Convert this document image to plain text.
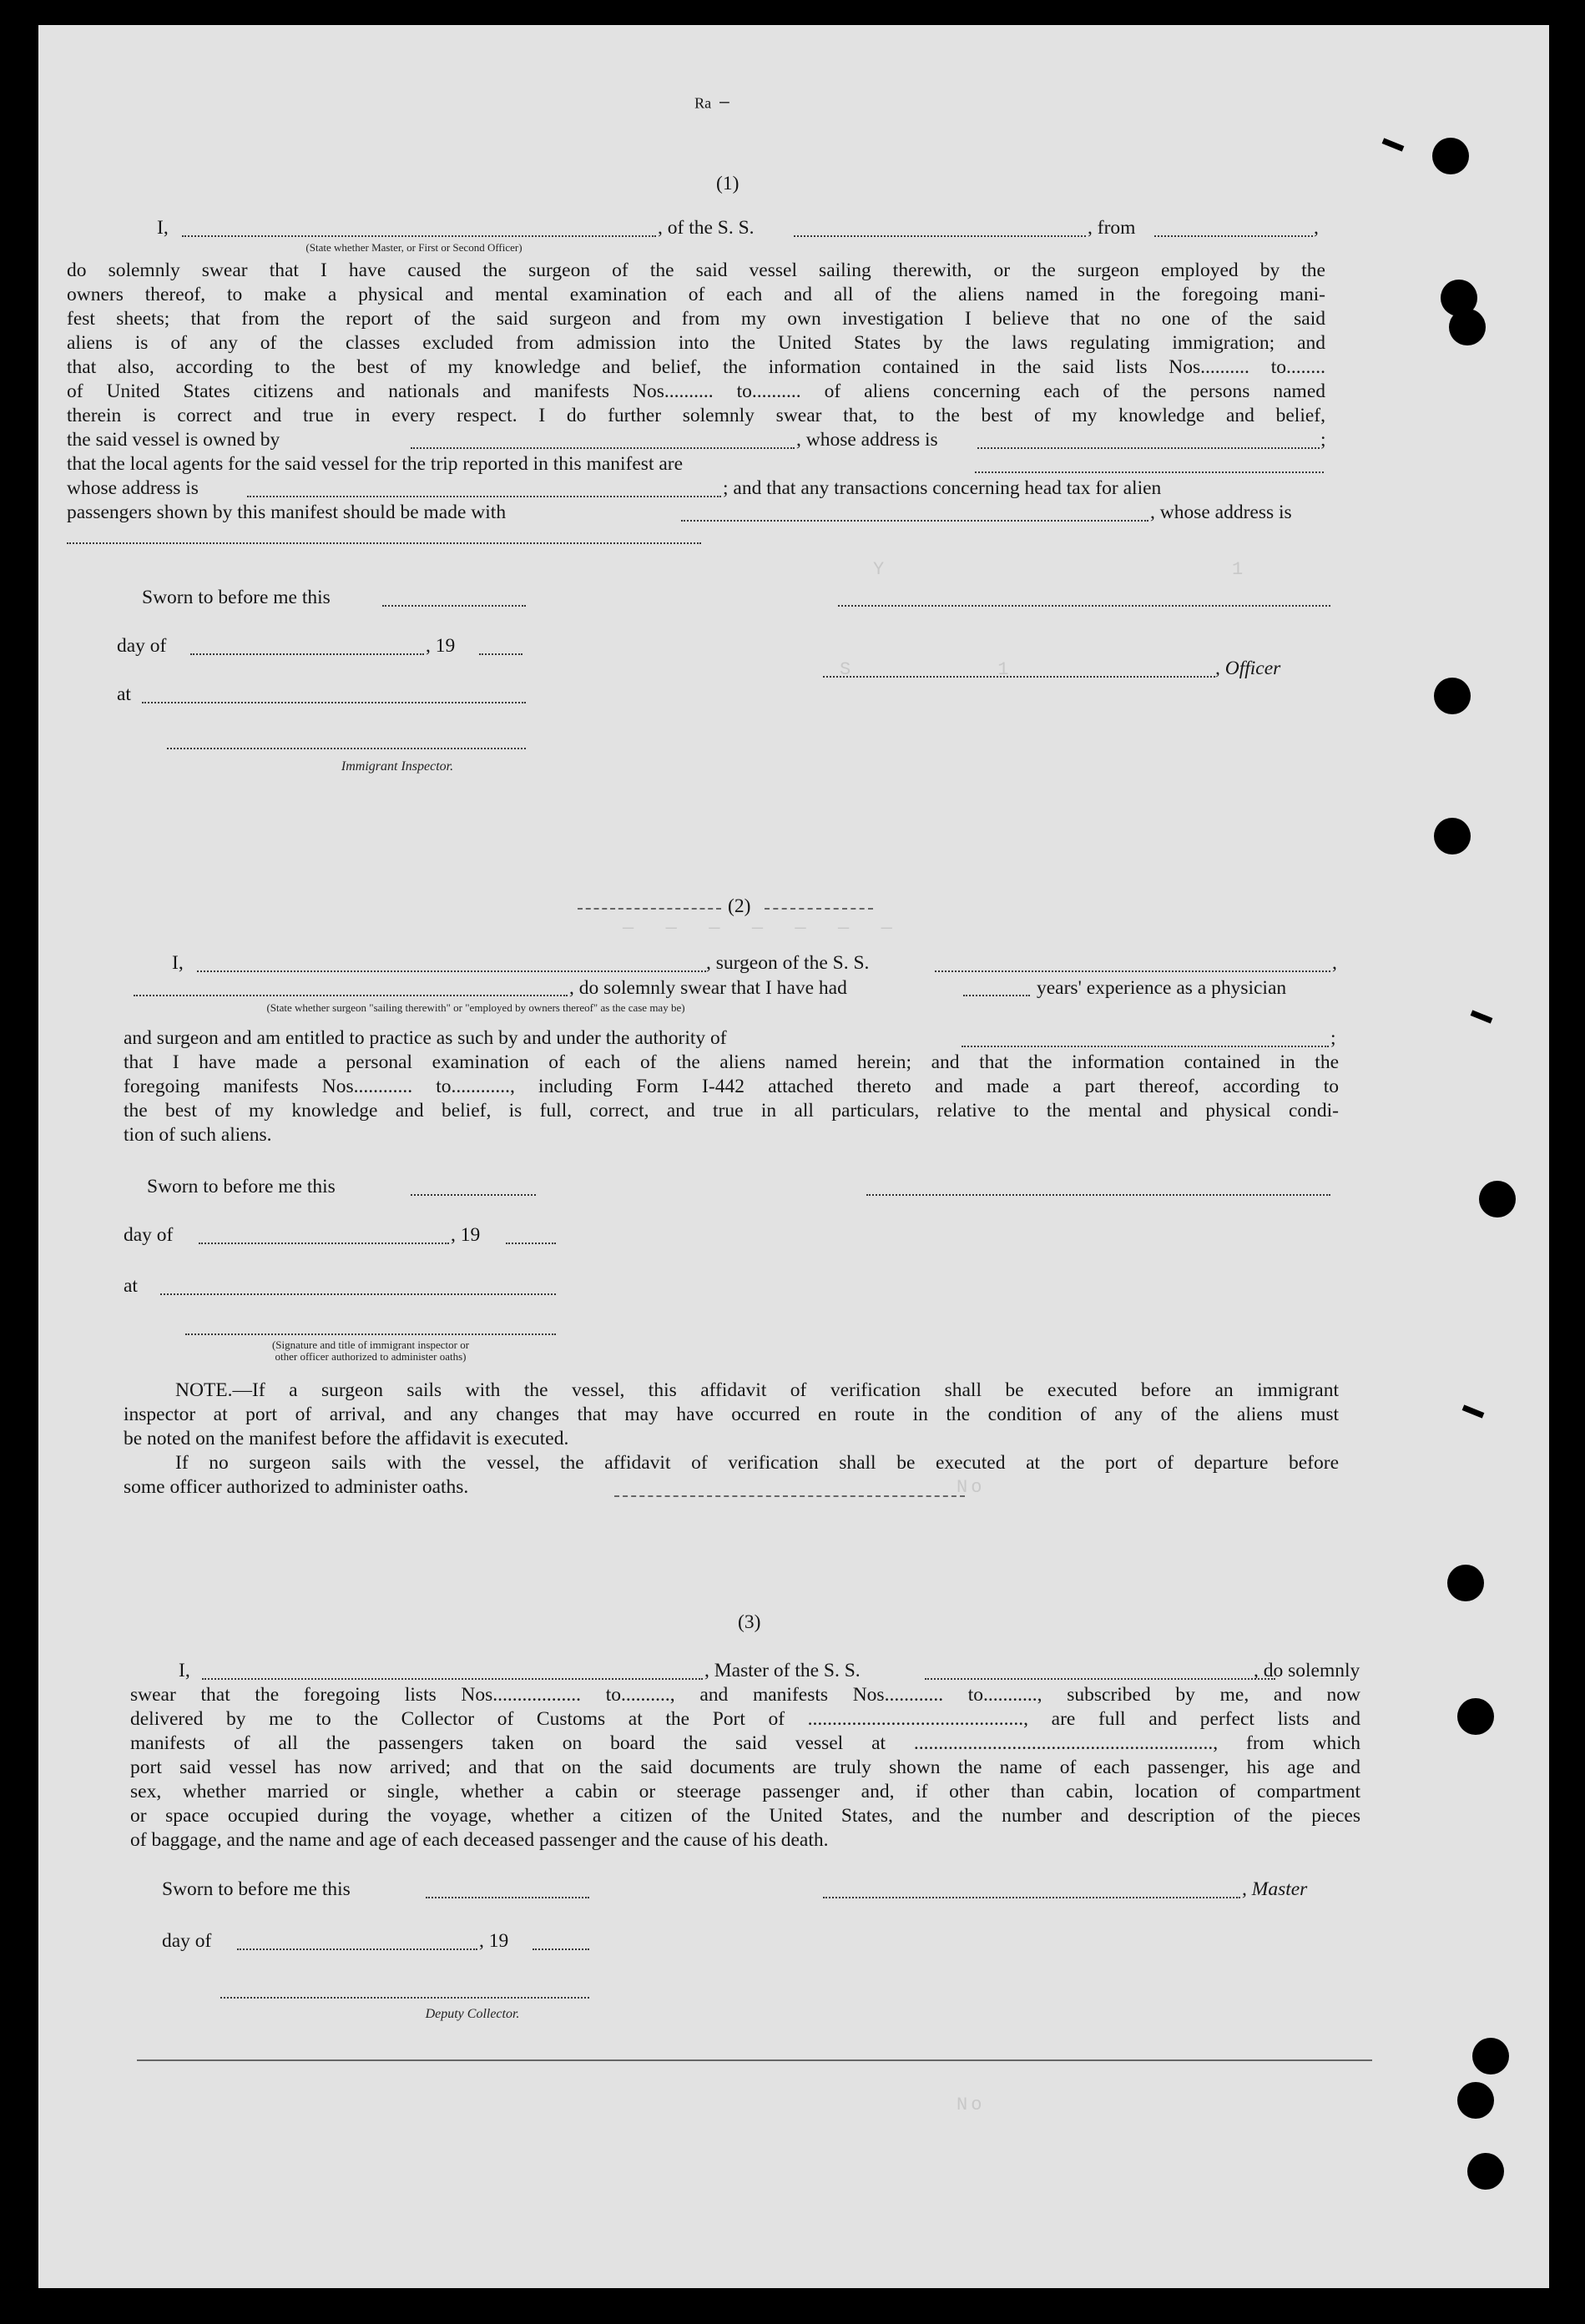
Y                        1
S          1
—  —  —  —  —  —  —
No
No
ᴿᵃ ⁻
(1)
I,	, of the S. S.	, from	,
(State whether Master, or First or Second Officer)
do solemnly swear that I have caused the surgeon of the said vessel sailing therewith, or the surgeon employed by the
owners thereof, to make a physical and mental examination of each and all of the aliens named in the foregoing mani-
fest sheets; that from the report of the said surgeon and from my own investigation I believe that no one of the said
aliens is of any of the classes excluded from admission into the United States by the laws regulating immigration; and
that also, according to the best of my knowledge and belief, the information contained in the said lists Nos.......... to........
of United States citizens and nationals and manifests Nos.......... to.......... of aliens concerning each of the persons named
therein is correct and true in every respect. I do further solemnly swear that, to the best of my knowledge and belief,
the said vessel is owned by	, whose address is	;
that the local agents for the said vessel for the trip reported in this manifest are
whose address is	; and that any transactions concerning head tax for alien
passengers shown by this manifest should be made with	, whose address is
Sworn to before me this
day of	, 19
, Officer
at
Immigrant Inspector.
(2)
I,	, surgeon of the S. S.	,
, do solemnly swear that I have had	years' experience as a physician
(State whether surgeon "sailing therewith" or "employed by owners thereof" as the case may be)
and surgeon and am entitled to practice as such by and under the authority of	;
that I have made a personal examination of each of the aliens named herein; and that the information contained in the
foregoing manifests Nos............ to............, including Form I-442 attached thereto and made a part thereof, according to
the best of my knowledge and belief, is full, correct, and true in all particulars, relative to the mental and physical condi-
tion of such aliens.
Sworn to before me this
day of	, 19
at
(Signature and title of immigrant inspector or
other officer authorized to administer oaths)
NOTE.—If a surgeon sails with the vessel, this affidavit of verification shall be executed before an immigrant
inspector at port of arrival, and any changes that may have occurred en route in the condition of any of the aliens must
be noted on the manifest before the affidavit is executed.
If no surgeon sails with the vessel, the affidavit of verification shall be executed at the port of departure before
some officer authorized to administer oaths.
(3)
I,	, Master of the S. S.	, do solemnly
swear that the foregoing lists Nos.................. to.........., and manifests Nos............ to..........., subscribed by me, and now
delivered by me to the Collector of Customs at the Port of ............................................, are full and perfect lists and
manifests of all the passengers taken on board the said vessel at ............................................................., from which
port said vessel has now arrived; and that on the said documents are truly shown the name of each passenger, his age and
sex, whether married or single, whether a cabin or steerage passenger and, if other than cabin, location of compartment
or space occupied during the voyage, whether a citizen of the United States, and the number and description of the pieces
of baggage, and the name and age of each deceased passenger and the cause of his death.
Sworn to before me this	, Master
day of	, 19
Deputy Collector.
